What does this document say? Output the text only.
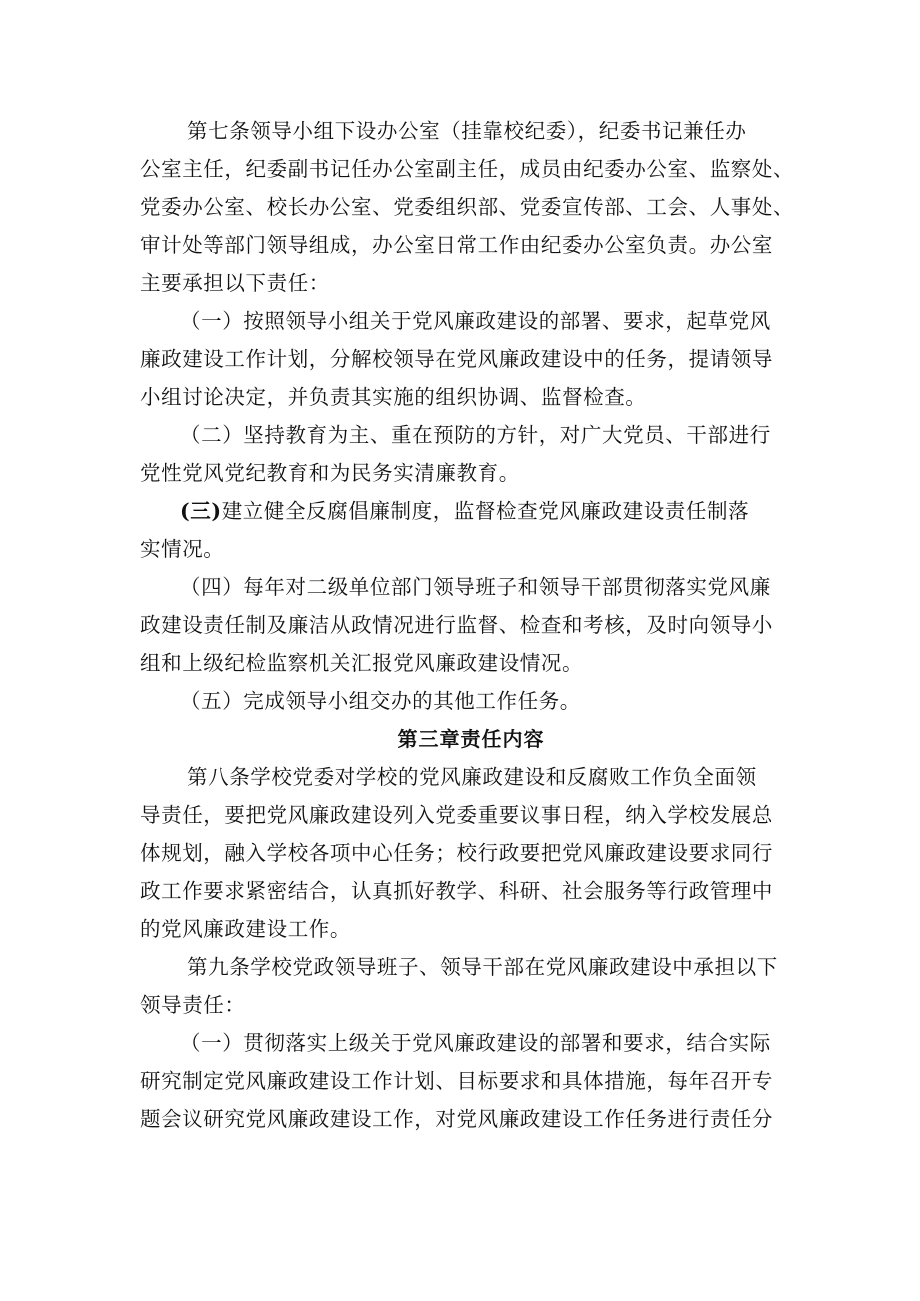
第七条领导小组下设办公室（挂靠校纪委），纪委书记兼任办
公室主任，纪委副书记任办公室副主任，成员由纪委办公室、监察处、
党委办公室、校长办公室、党委组织部、党委宣传部、工会、人事处、
审计处等部门领导组成，办公室日常工作由纪委办公室负责。办公室
主要承担以下责任：
（一）按照领导小组关于党风廉政建设的部署、要求，起草党风
廉政建设工作计划，分解校领导在党风廉政建设中的任务，提请领导
小组讨论决定，并负责其实施的组织协调、监督检查。
（二）坚持教育为主、重在预防的方针，对广大党员、干部进行
党性党风党纪教育和为民务实清廉教育。
(三)建立健全反腐倡廉制度，监督检查党风廉政建设责任制落
实情况。
（四）每年对二级单位部门领导班子和领导干部贯彻落实党风廉
政建设责任制及廉洁从政情况进行监督、检查和考核，及时向领导小
组和上级纪检监察机关汇报党风廉政建设情况。
（五）完成领导小组交办的其他工作任务。
第三章责任内容
第八条学校党委对学校的党风廉政建设和反腐败工作负全面领
导责任，要把党风廉政建设列入党委重要议事日程，纳入学校发展总
体规划，融入学校各项中心任务；校行政要把党风廉政建设要求同行
政工作要求紧密结合，认真抓好教学、科研、社会服务等行政管理中
的党风廉政建设工作。
第九条学校党政领导班子、领导干部在党风廉政建设中承担以下
领导责任：
（一）贯彻落实上级关于党风廉政建设的部署和要求，结合实际
研究制定党风廉政建设工作计划、目标要求和具体措施，每年召开专
题会议研究党风廉政建设工作，对党风廉政建设工作任务进行责任分
